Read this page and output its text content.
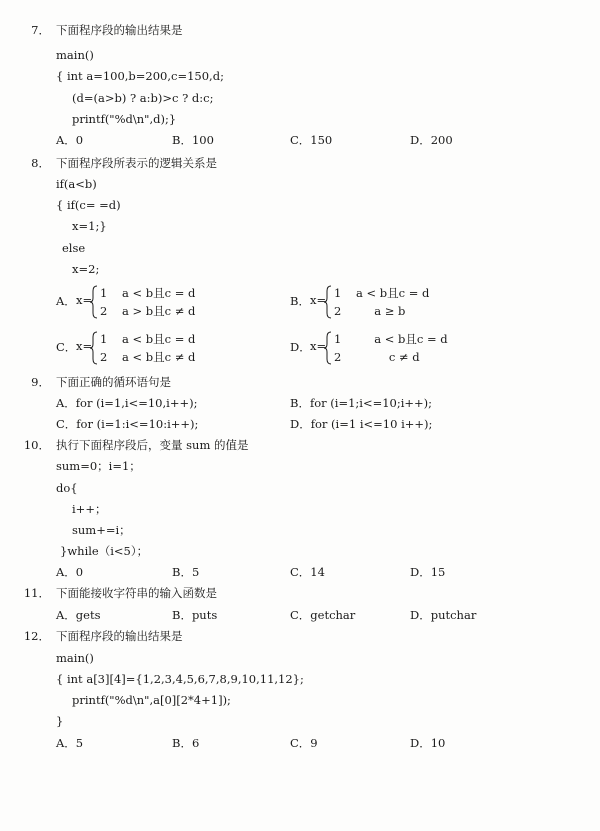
7． 下面程序段的输出结果是
main()
{ int a=100,b=200,c=150,d;
(d=(a>b) ? a:b)>c ? d:c;
printf("%d\n",d);}
A．0	B．100	C．150	D．200
8． 下面程序段所表示的逻辑关系是
if(a<b)
{ if(c= =d)
x=1;}
else
x=2;
A． x= 1    a < b且c = d
2    a > b且c ≠ d
B． x= 1    a < b且c = d
2         a ≥ b
C． x= 1    a < b且c = d
2    a < b且c ≠ d
D． x= 1         a < b且c = d
2             c ≠ d
9． 下面正确的循环语句是
A．for (i=1,i<=10,i++);	B．for (i=1;i<=10;i++);
C．for (i=1:i<=10:i++);	D．for (i=1 i<=10 i++);
10． 执行下面程序段后，变量 sum 的值是
sum=0；i=1；
do{
i++；
sum+=i；
}while（i<5）；
A．0	B．5	C．14	D．15
11． 下面能接收字符串的输入函数是
A．gets	B．puts	C．getchar	D．putchar
12． 下面程序段的输出结果是
main()
{ int a[3][4]={1,2,3,4,5,6,7,8,9,10,11,12};
printf("%d\n",a[0][2*4+1]);
}
A．5	B．6	C．9	D．10
